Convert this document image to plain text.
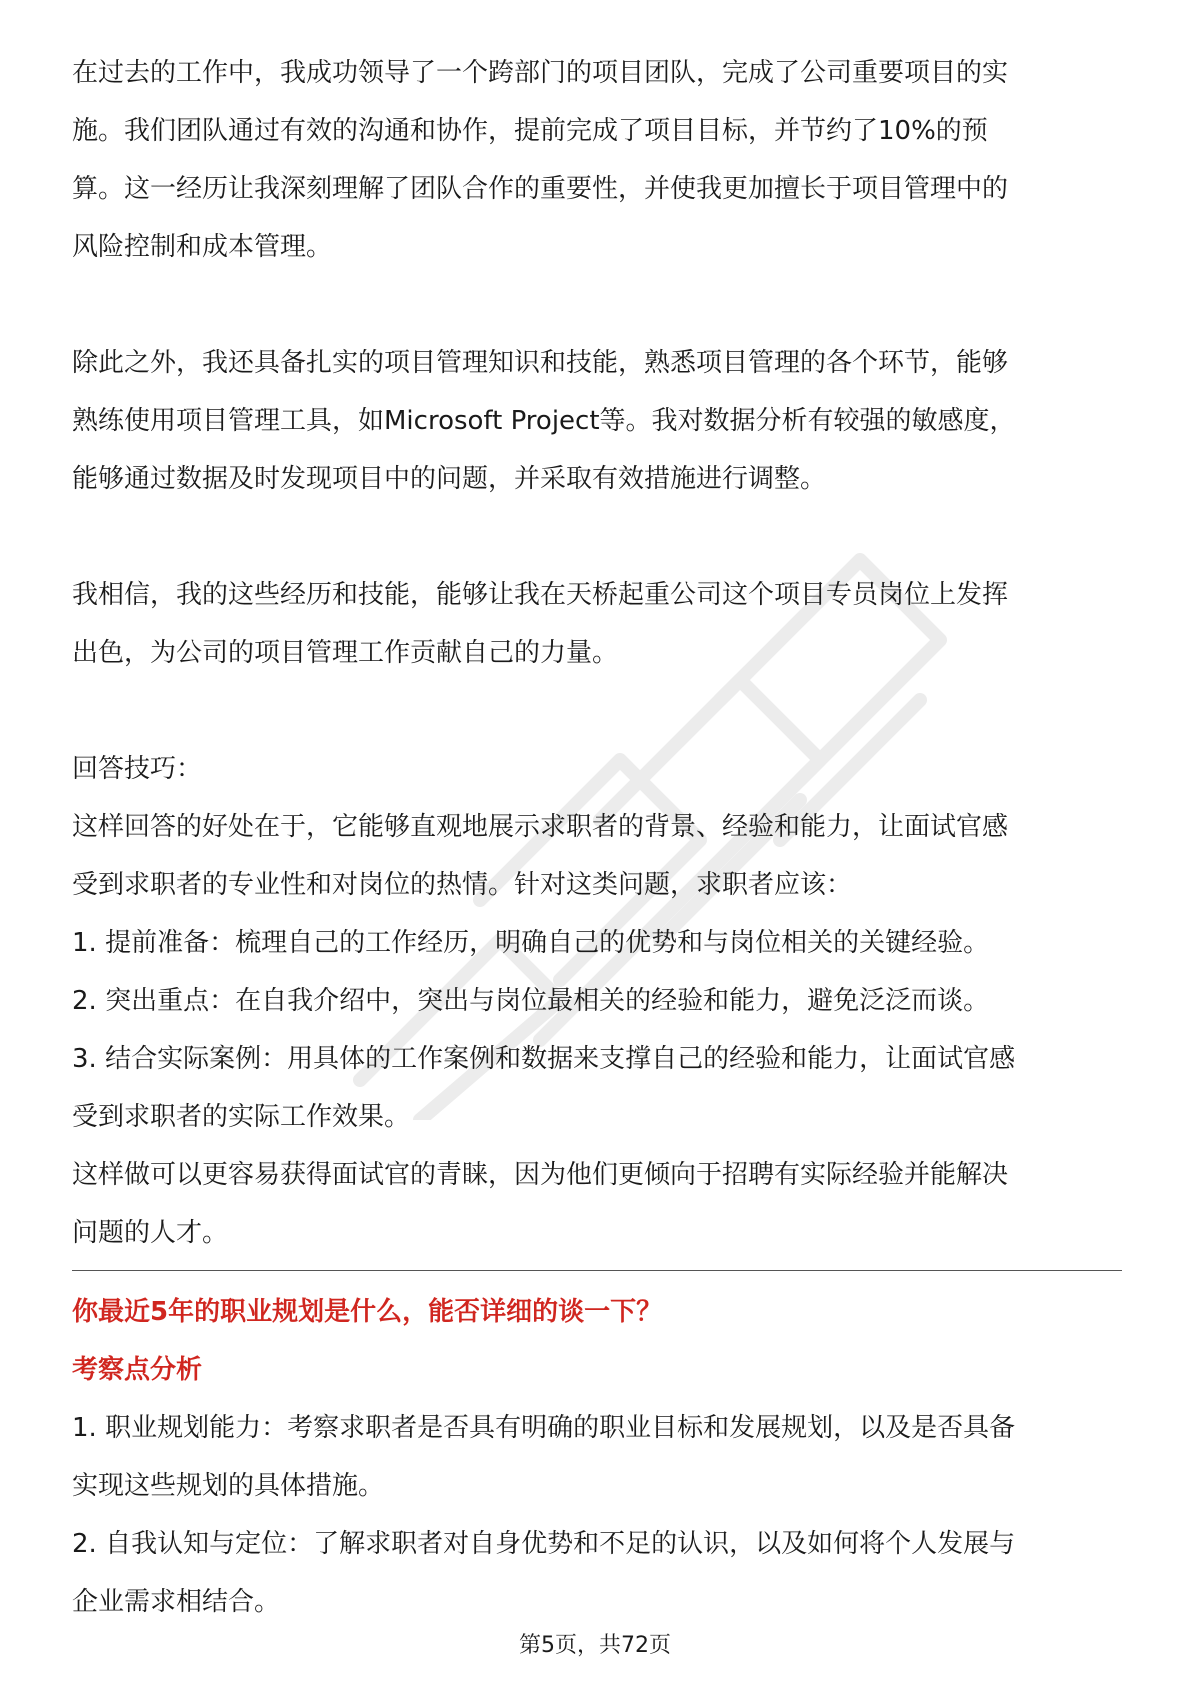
在过去的工作中，我成功领导了一个跨部门的项目团队，完成了公司重要项目的实
施。我们团队通过有效的沟通和协作，提前完成了项目目标，并节约了10%的预
算。这一经历让我深刻理解了团队合作的重要性，并使我更加擅长于项目管理中的
风险控制和成本管理。
除此之外，我还具备扎实的项目管理知识和技能，熟悉项目管理的各个环节，能够
熟练使用项目管理工具，如Microsoft Project等。我对数据分析有较强的敏感度，
能够通过数据及时发现项目中的问题，并采取有效措施进行调整。
我相信，我的这些经历和技能，能够让我在天桥起重公司这个项目专员岗位上发挥
出色，为公司的项目管理工作贡献自己的力量。
回答技巧：
这样回答的好处在于，它能够直观地展示求职者的背景、经验和能力，让面试官感
受到求职者的专业性和对岗位的热情。针对这类问题，求职者应该：
1. 提前准备：梳理自己的工作经历，明确自己的优势和与岗位相关的关键经验。
2. 突出重点：在自我介绍中，突出与岗位最相关的经验和能力，避免泛泛而谈。
3. 结合实际案例：用具体的工作案例和数据来支撑自己的经验和能力，让面试官感
受到求职者的实际工作效果。
这样做可以更容易获得面试官的青睐，因为他们更倾向于招聘有实际经验并能解决
问题的人才。
你最近5年的职业规划是什么，能否详细的谈一下？
考察点分析
1. 职业规划能力：考察求职者是否具有明确的职业目标和发展规划，以及是否具备
实现这些规划的具体措施。
2. 自我认知与定位：了解求职者对自身优势和不足的认识，以及如何将个人发展与
企业需求相结合。
第5页，共72页
